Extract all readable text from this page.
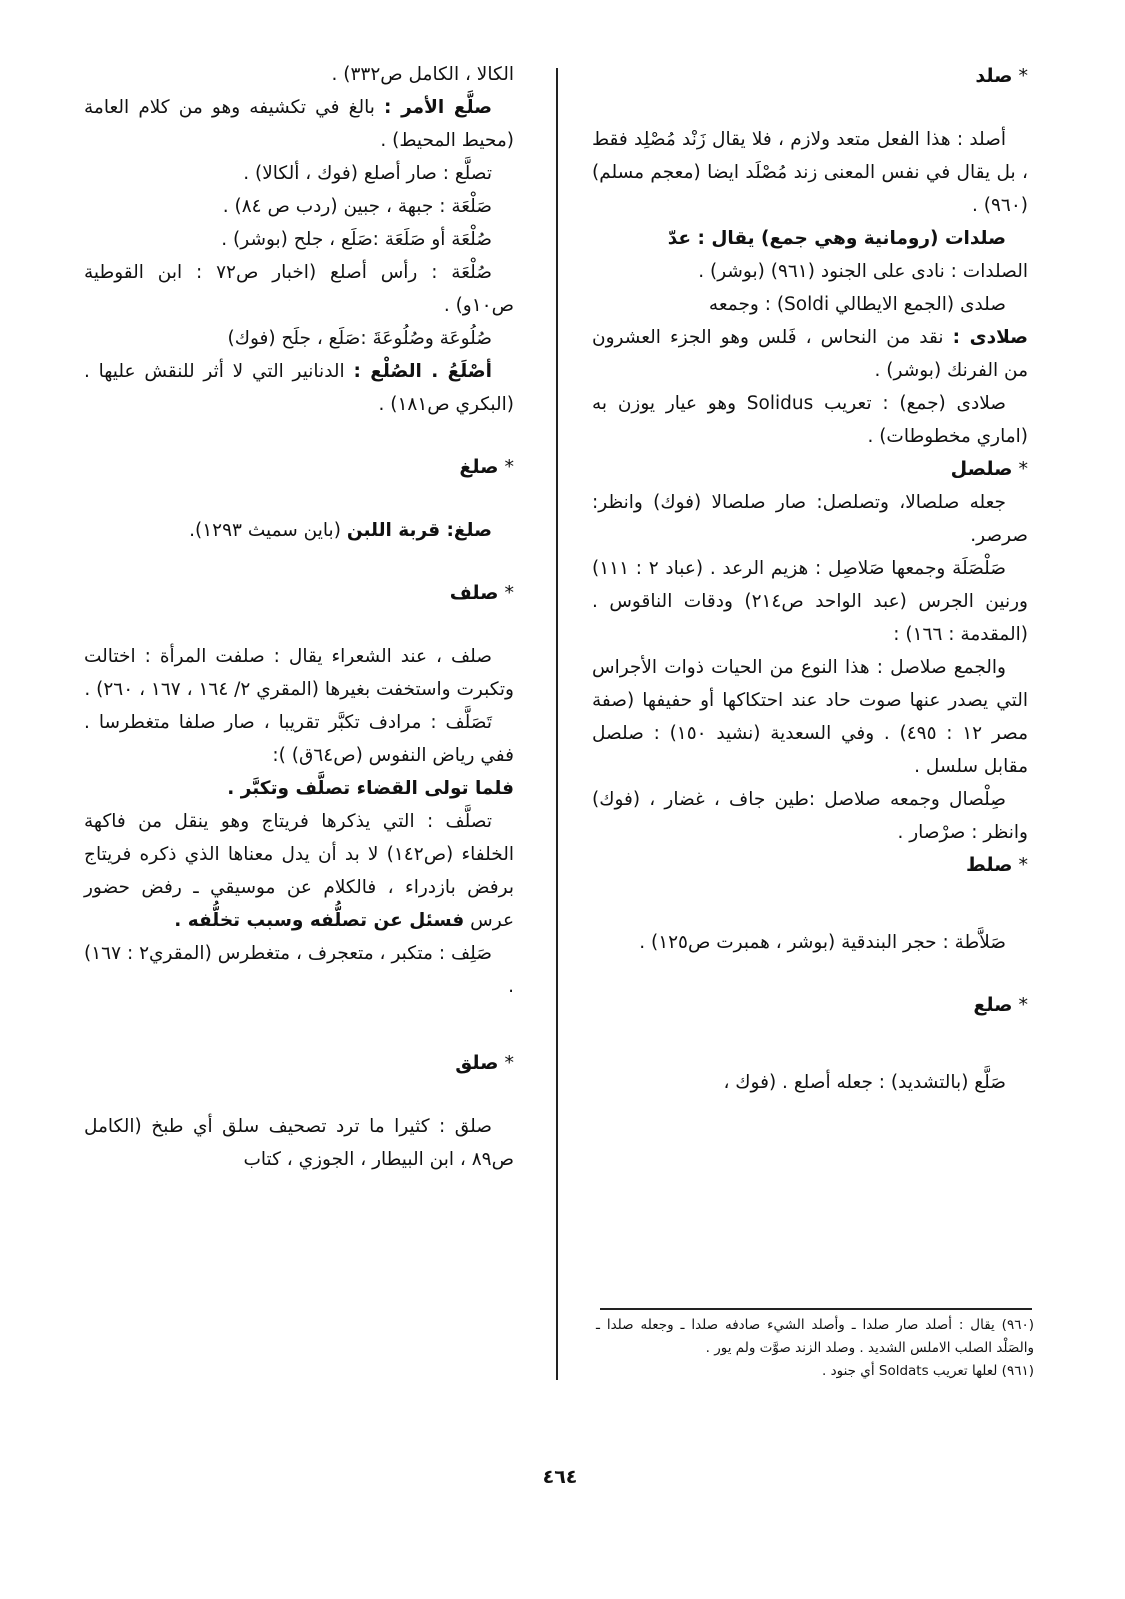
* صلد

أصلد : هذا الفعل متعد ولازم ، فلا يقال زَنْد مُصْلِد فقط ، بل يقال في نفس المعنى زند مُصْلَد ايضا (معجم مسلم)(٩٦٠) .

صلدات (رومانية وهي جمع) يقال : عدّ
الصلدات : نادى على الجنود (٩٦١) (بوشر) .

صلدى (الجمع الايطالي Soldi) : وجمعه

صلادى : نقد من النحاس ، فَلس وهو الجزء العشرون من الفرنك (بوشر) .

صلادى (جمع) : تعريب Solidus وهو عيار يوزن به (اماري مخطوطات) .

* صلصل

جعله صلصالا، وتصلصل: صار صلصالا (فوك) وانظر: صرصر.

صَلْصَلَة وجمعها صَلاصِل : هزيم الرعد . (عباد ٢ : ١١١) ورنين الجرس (عبد الواحد ص٢١٤) ودقات الناقوس . (المقدمة : ١٦٦) :

والجمع صلاصل : هذا النوع من الحيات ذوات الأجراس التي يصدر عنها صوت حاد عند احتكاكها أو حفيفها (صفة مصر ١٢ : ٤٩٥) . وفي السعدية (نشيد ١٥٠) : صلصل مقابل سلسل .

صِلْصال وجمعه صلاصل :طين جاف ، غضار ، (فوك) وانظر : صرْصار .

* صلط

صَلاَّطة : حجر البندقية (بوشر ، همبرت ص١٢٥) .

* صلع

صَلَّع (بالتشديد) : جعله أصلع . (فوك ،

الكالا ، الكامل ص٣٣٢) .

صلَّع الأمر : بالغ في تكشيفه وهو من كلام العامة (محيط المحيط) .

تصلَّع : صار أصلع (فوك ، ألكالا) .

صَلْعَة : جبهة ، جبين (ردب ص ٨٤) .

صُلْعَة أو صَلَعَة :صَلَع ، جلح (بوشر) .

صُلْعَة : رأس أصلع (اخبار ص٧٢ : ابن القوطية ص١٠و) .

صُلُوعَة وصُلُوعَةَ :صَلَع ، جلَح (فوك)

أصْلَعُ . الصُلْع : الدنانير التي لا أثر للنقش عليها .(البكري ص١٨١) .

* صلغ

صلغ: قربة اللبن (باين سميث ١٢٩٣).

* صلف

صلف ، عند الشعراء يقال : صلفت المرأة : اختالت وتكبرت واستخفت بغيرها (المقري ٢/ ١٦٤ ، ١٦٧ ، ٢٦٠) .

تَصَلَّف : مرادف تكبَّر تقريبا ، صار صلفا متغطرسا . ففي رياض النفوس (ص٦٤ق) ):

فلما تولى القضاء تصلَّف وتكبَّر .

تصلَّف : التي يذكرها فريتاج وهو ينقل من فاكهة الخلفاء (ص١٤٢) لا بد أن يدل معناها الذي ذكره فريتاج برفض بازدراء ، فالكلام عن موسيقي ـ رفض حضور عرس فسئل عن تصلُّفه وسبب تخلُّفه .

صَلِف : متكبر ، متعجرف ، متغطرس (المقري٢ : ١٦٧) .

* صلق

صلق : كثيرا ما ترد تصحيف سلق أي طبخ (الكامل ص٨٩ ، ابن البيطار ، الجوزي ، كتاب

(٩٦٠) يقال : أصلد صار صلدا ـ وأصلد الشيء صادفه صلدا ـ وجعله صلدا ـ والصَلْد الصلب الاملس الشديد . وصلد الزند صوَّت ولم يور .

(٩٦١) لعلها تعريب Soldats أي جنود .

٤٦٤
